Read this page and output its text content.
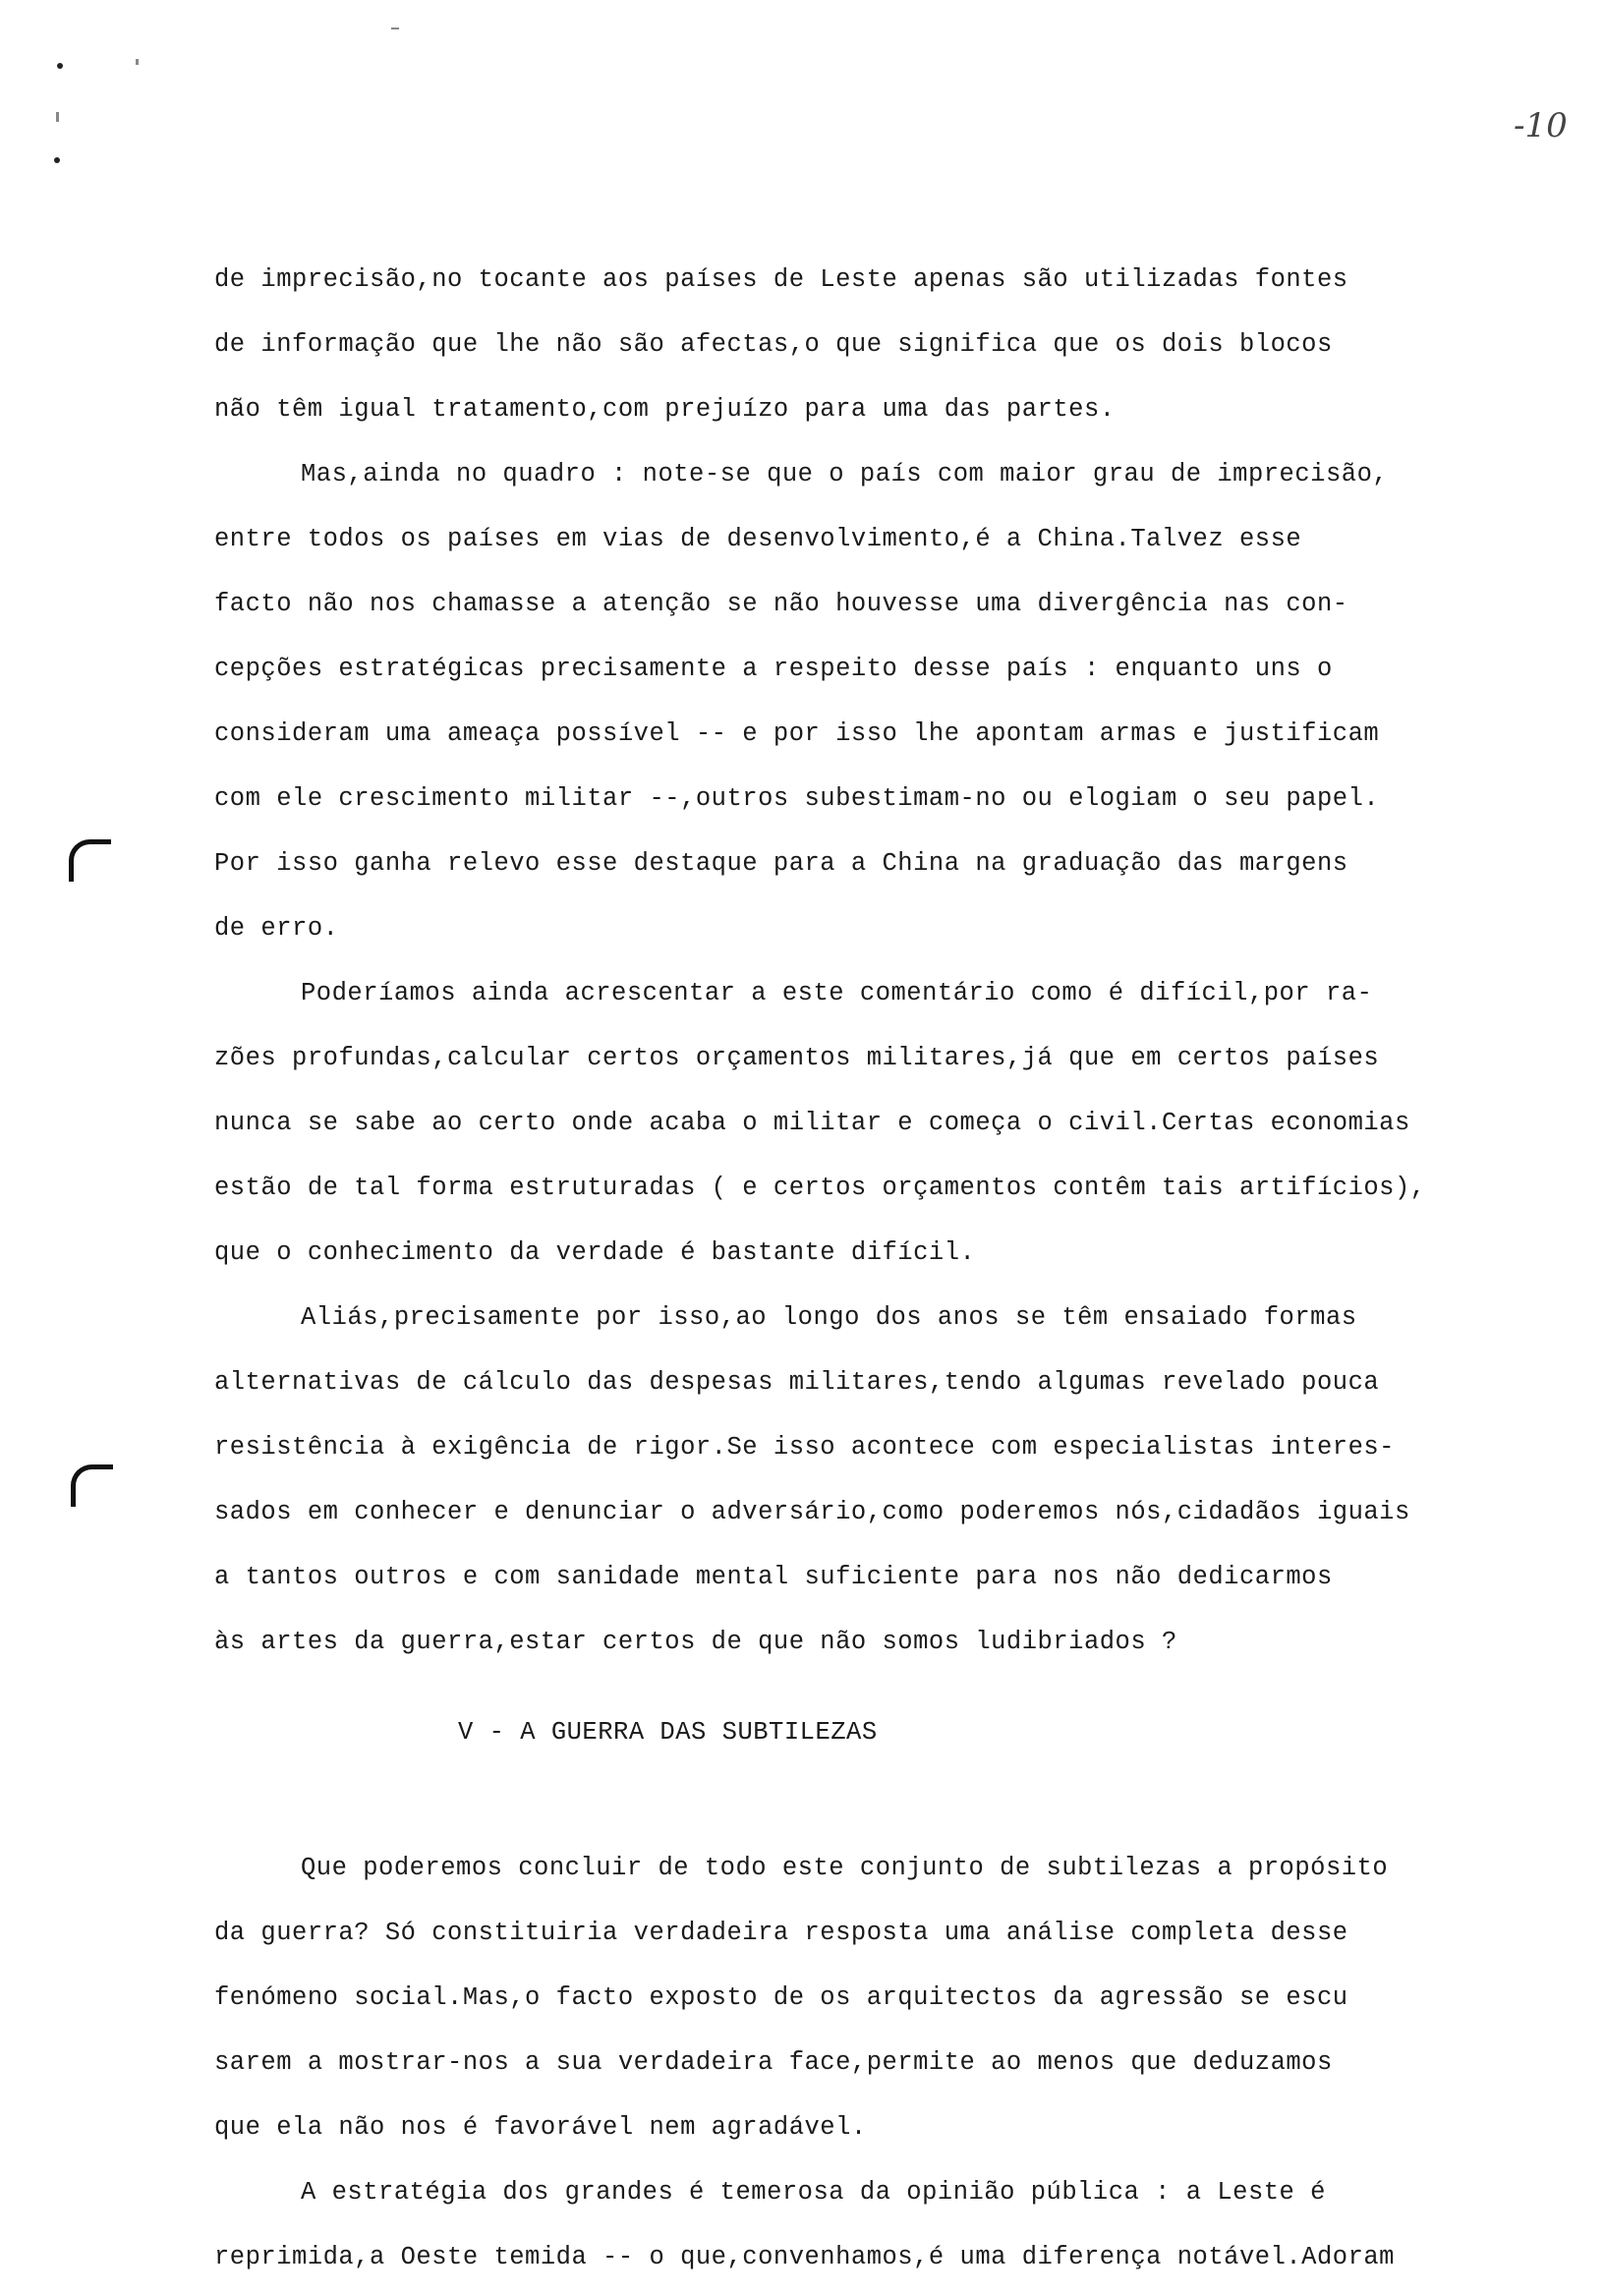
-10

de imprecisão,no tocante aos países de Leste apenas são utilizadas fontes

de informação que lhe não são afectas,o que significa que os dois blocos

não têm igual tratamento,com prejuízo para uma das partes.

Mas,ainda no quadro : note-se que o país com maior grau de imprecisão,

entre todos os países em vias de desenvolvimento,é a China.Talvez esse

facto não nos chamasse a atenção se não houvesse uma divergência nas con-

cepções estratégicas precisamente a respeito desse país : enquanto uns o

consideram uma ameaça possível -- e por isso lhe apontam armas e justificam

com ele crescimento militar --,outros subestimam-no ou elogiam o seu papel.

Por isso ganha relevo esse destaque para a China na graduação das margens

de erro.

Poderíamos ainda acrescentar a este comentário como é difícil,por ra-

zões profundas,calcular certos orçamentos militares,já que em certos países

nunca se sabe ao certo onde acaba o militar e começa o civil.Certas economias

estão de tal forma estruturadas ( e certos orçamentos contêm tais artifícios),

que o conhecimento da verdade é bastante difícil.

Aliás,precisamente por isso,ao longo dos anos se têm ensaiado formas

alternativas de cálculo das despesas militares,tendo algumas revelado pouca

resistência à exigência de rigor.Se isso acontece com especialistas interes-

sados em conhecer e denunciar o adversário,como poderemos nós,cidadãos iguais

a tantos outros e com sanidade mental suficiente para nos não dedicarmos

às artes da guerra,estar certos de que não somos ludibriados ?

V - A GUERRA DAS SUBTILEZAS

Que poderemos concluir de todo este conjunto de subtilezas a propósito

da guerra? Só constituiria verdadeira resposta uma análise completa desse

fenómeno social.Mas,o facto exposto de os arquitectos da agressão se escu

sarem a mostrar-nos a sua verdadeira face,permite ao menos que deduzamos

que ela não nos é favorável nem agradável.

A estratégia dos grandes é temerosa da opinião pública : a Leste é

reprimida,a Oeste temida -- o que,convenhamos,é uma diferença notável.Adoram
